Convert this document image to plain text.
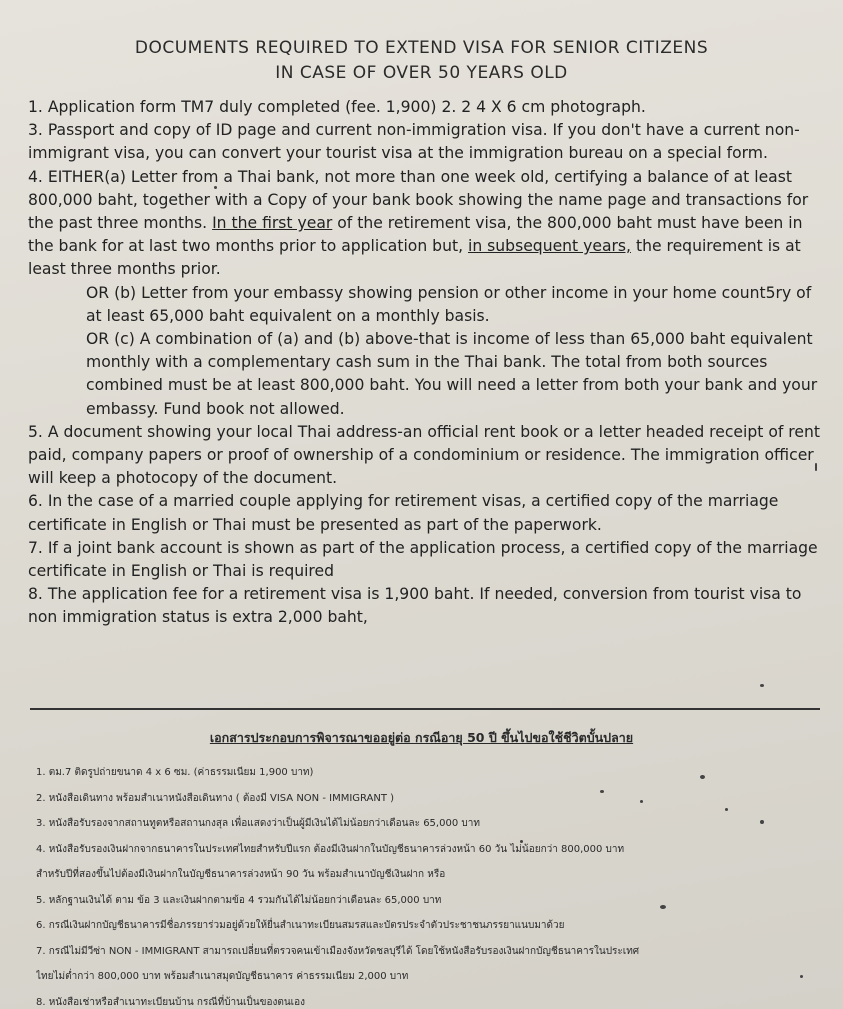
DOCUMENTS REQUIRED TO EXTEND VISA FOR SENIOR CITIZENS
IN CASE OF OVER 50 YEARS OLD

1. Application form TM7 duly completed (fee. 1,900) 2. 2 4 X 6 cm photograph.

3. Passport and copy of ID page and current non-immigration visa. If you don't have a current non-immigrant visa, you can convert your tourist visa at the immigration bureau on a special form.

4. EITHER(a) Letter from a Thai bank, not more than one week old, certifying a balance of at least 800,000 baht, together with a Copy of your bank book showing the name page and transactions for the past three months. In the first year of the retirement visa, the 800,000 baht must have been in the bank for at last two months prior to application but, in subsequent years, the requirement is at least three months prior.

OR (b) Letter from your embassy showing pension or other income in your home count5ry of at least 65,000 baht equivalent on a monthly basis.

OR (c) A combination of (a) and (b) above-that is income of less than 65,000 baht equivalent monthly with a complementary cash sum in the Thai bank. The total from both sources combined must be at least 800,000 baht. You will need a letter from both your bank and your embassy. Fund book not allowed.

5. A document showing your local Thai address-an official rent book or a letter headed receipt of rent paid, company papers or proof of ownership of a condominium or residence. The immigration officer will keep a photocopy of the document.

6. In the case of a married couple applying for retirement visas, a certified copy of the marriage certificate in English or Thai must be presented as part of the paperwork.

7. If a joint bank account is shown as part of the application process, a certified copy of the marriage certificate in English or Thai is required

8. The application fee for a retirement visa is 1,900 baht. If needed, conversion from tourist visa to non immigration status is extra 2,000 baht,

เอกสารประกอบการพิจารณาขออยู่ต่อ กรณีอายุ 50 ปี ขึ้นไปขอใช้ชีวิตบั้นปลาย

1. ตม.7 ติดรูปถ่ายขนาด 4 x 6 ซม. (ค่าธรรมเนียม 1,900 บาท)

2. หนังสือเดินทาง พร้อมสำเนาหนังสือเดินทาง ( ต้องมี VISA NON - IMMIGRANT )

3. หนังสือรับรองจากสถานทูตหรือสถานกงสุล เพื่อแสดงว่าเป็นผู้มีเงินได้ไม่น้อยกว่าเดือนละ 65,000 บาท

4. หนังสือรับรองเงินฝากจากธนาคารในประเทศไทยสำหรับปีแรก ต้องมีเงินฝากในบัญชีธนาคารล่วงหน้า 60 วัน ไม่น้อยกว่า 800,000 บาท

สำหรับปีที่สองขึ้นไปต้องมีเงินฝากในบัญชีธนาคารล่วงหน้า 90 วัน พร้อมสำเนาบัญชีเงินฝาก หรือ

5. หลักฐานเงินได้ ตาม ข้อ 3 และเงินฝากตามข้อ 4 รวมกันได้ไม่น้อยกว่าเดือนละ 65,000 บาท

6. กรณีเงินฝากบัญชีธนาคารมีชื่อภรรยาร่วมอยู่ด้วยให้ยื่นสำเนาทะเบียนสมรสและบัตรประจำตัวประชาชนภรรยาแนบมาด้วย

7. กรณีไม่มีวีซ่า NON - IMMIGRANT สามารถเปลี่ยนที่ตรวจคนเข้าเมืองจังหวัดชลบุรีได้ โดยใช้หนังสือรับรองเงินฝากบัญชีธนาคารในประเทศ

ไทยไม่ต่ำกว่า 800,000 บาท พร้อมสำเนาสมุดบัญชีธนาคาร ค่าธรรมเนียม 2,000 บาท

8. หนังสือเช่าหรือสำเนาทะเบียนบ้าน กรณีที่บ้านเป็นของตนเอง
